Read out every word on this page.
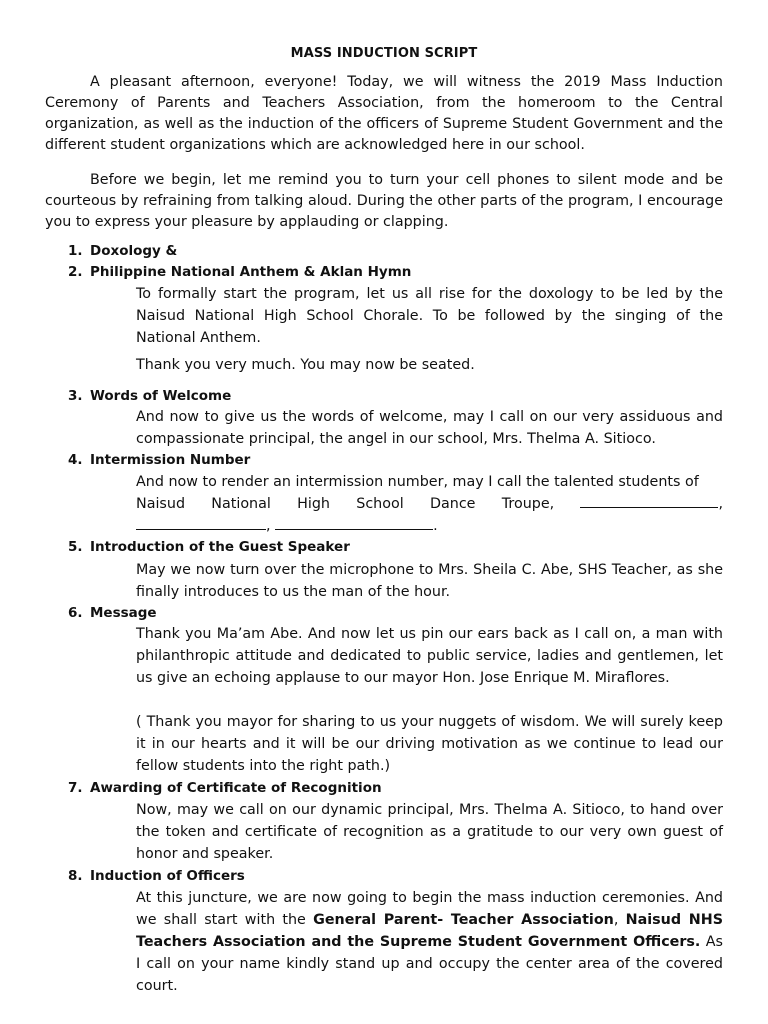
MASS INDUCTION SCRIPT

A pleasant afternoon, everyone! Today, we will witness the 2019 Mass Induction Ceremony of Parents and Teachers Association, from the homeroom to the Central organization, as well as the induction of the officers of Supreme Student Government and the different student organizations which are acknowledged here in our school.

Before we begin, let me remind you to turn your cell phones to silent mode and be courteous by refraining from talking aloud. During the other parts of the program, I encourage you to express your pleasure by applauding or clapping.

1. Doxology &
2. Philippine National Anthem & Aklan Hymn

To formally start the program, let us all rise for the doxology to be led by the Naisud National High School Chorale. To be followed by the singing of the National Anthem.

Thank you very much. You may now be seated.

3. Words of Welcome

And now to give us the words of welcome, may I call on our very assiduous and compassionate principal, the angel in our school, Mrs. Thelma A. Sitioco.

4. Intermission Number

And now to render an intermission number, may I call the talented students of

Naisud National High School Dance Troupe,	,
,	.
5. Introduction of the Guest Speaker

May we now turn over the microphone to Mrs. Sheila C. Abe, SHS Teacher, as she finally introduces to us the man of the hour.

6. Message

Thank you Ma’am Abe. And now let us pin our ears back as I call on, a man with philanthropic attitude and dedicated to public service, ladies and gentlemen, let us give an echoing applause to our mayor Hon. Jose Enrique M. Miraflores.

( Thank you mayor for sharing to us your nuggets of wisdom. We will surely keep it in our hearts and it will be our driving motivation as we continue to lead our fellow students into the right path.)

7. Awarding of Certificate of Recognition

Now, may we call on our dynamic principal, Mrs. Thelma A. Sitioco, to hand over the token and certificate of recognition as a gratitude to our very own guest of honor and speaker.

8. Induction of Officers

At this juncture, we are now going to begin the mass induction ceremonies. And we shall start with the General Parent- Teacher Association, Naisud NHS Teachers Association and the Supreme Student Government Officers. As I call on your name kindly stand up and occupy the center area of the covered court.
